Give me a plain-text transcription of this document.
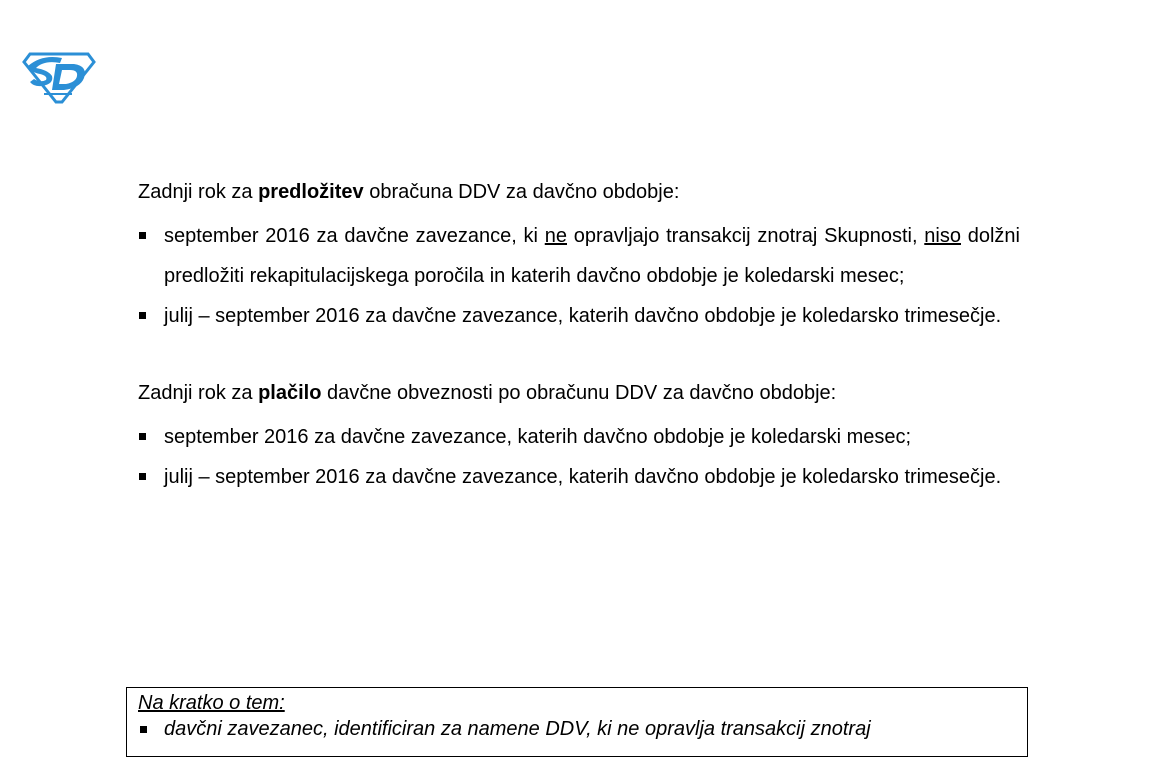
Zadnji rok za predložitev obračuna DDV za davčno obdobje:

september 2016 za davčne zavezance, ki ne opravljajo transakcij znotraj Skupnosti, niso dolžni predložiti rekapitulacijskega poročila in katerih davčno obdobje je koledarski mesec;
julij – september 2016 za davčne zavezance, katerih davčno obdobje je koledarsko trimesečje.

Zadnji rok za plačilo davčne obveznosti po obračunu DDV za davčno obdobje:

september 2016 za davčne zavezance, katerih davčno obdobje je koledarski mesec;
julij – september 2016 za davčne zavezance, katerih davčno obdobje je koledarsko trimesečje.
Na kratko o tem:
davčni zavezanec, identificiran za namene DDV, ki ne opravlja transakcij znotraj
